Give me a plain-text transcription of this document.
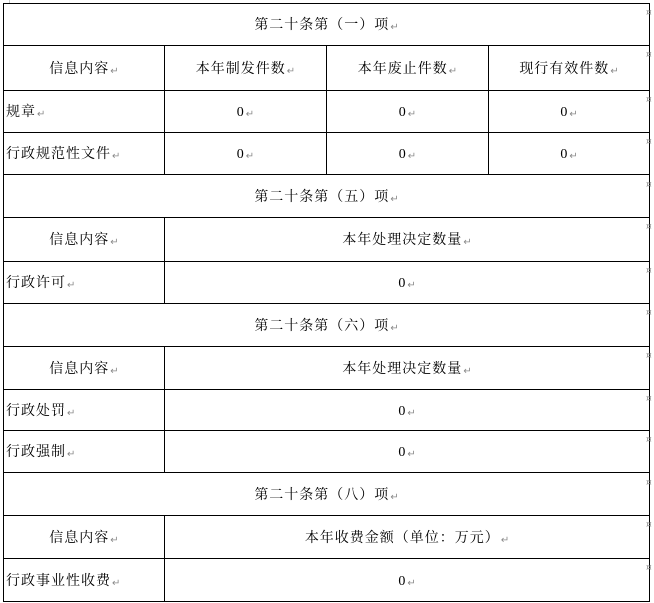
第二十条第（一）项↵			
信息内容↵	本年制发件数↵	本年废止件数↵	现行有效件数↵
规章↵	0↵	0↵	0↵
行政规范性文件↵	0↵	0↵	0↵
第二十条第（五）项↵			
信息内容↵	本年处理决定数量↵		
行政许可↵	0↵		
第二十条第（六）项↵			
信息内容↵	本年处理决定数量↵		
行政处罚↵	0↵		
行政强制↵	0↵		
第二十条第（八）项↵			
信息内容↵	本年收费金额（单位：万元）↵		
行政事业性收费↵	0↵		
¤
¤
¤
¤
¤
¤
¤
¤
¤
¤
¤
¤
¤
¤
